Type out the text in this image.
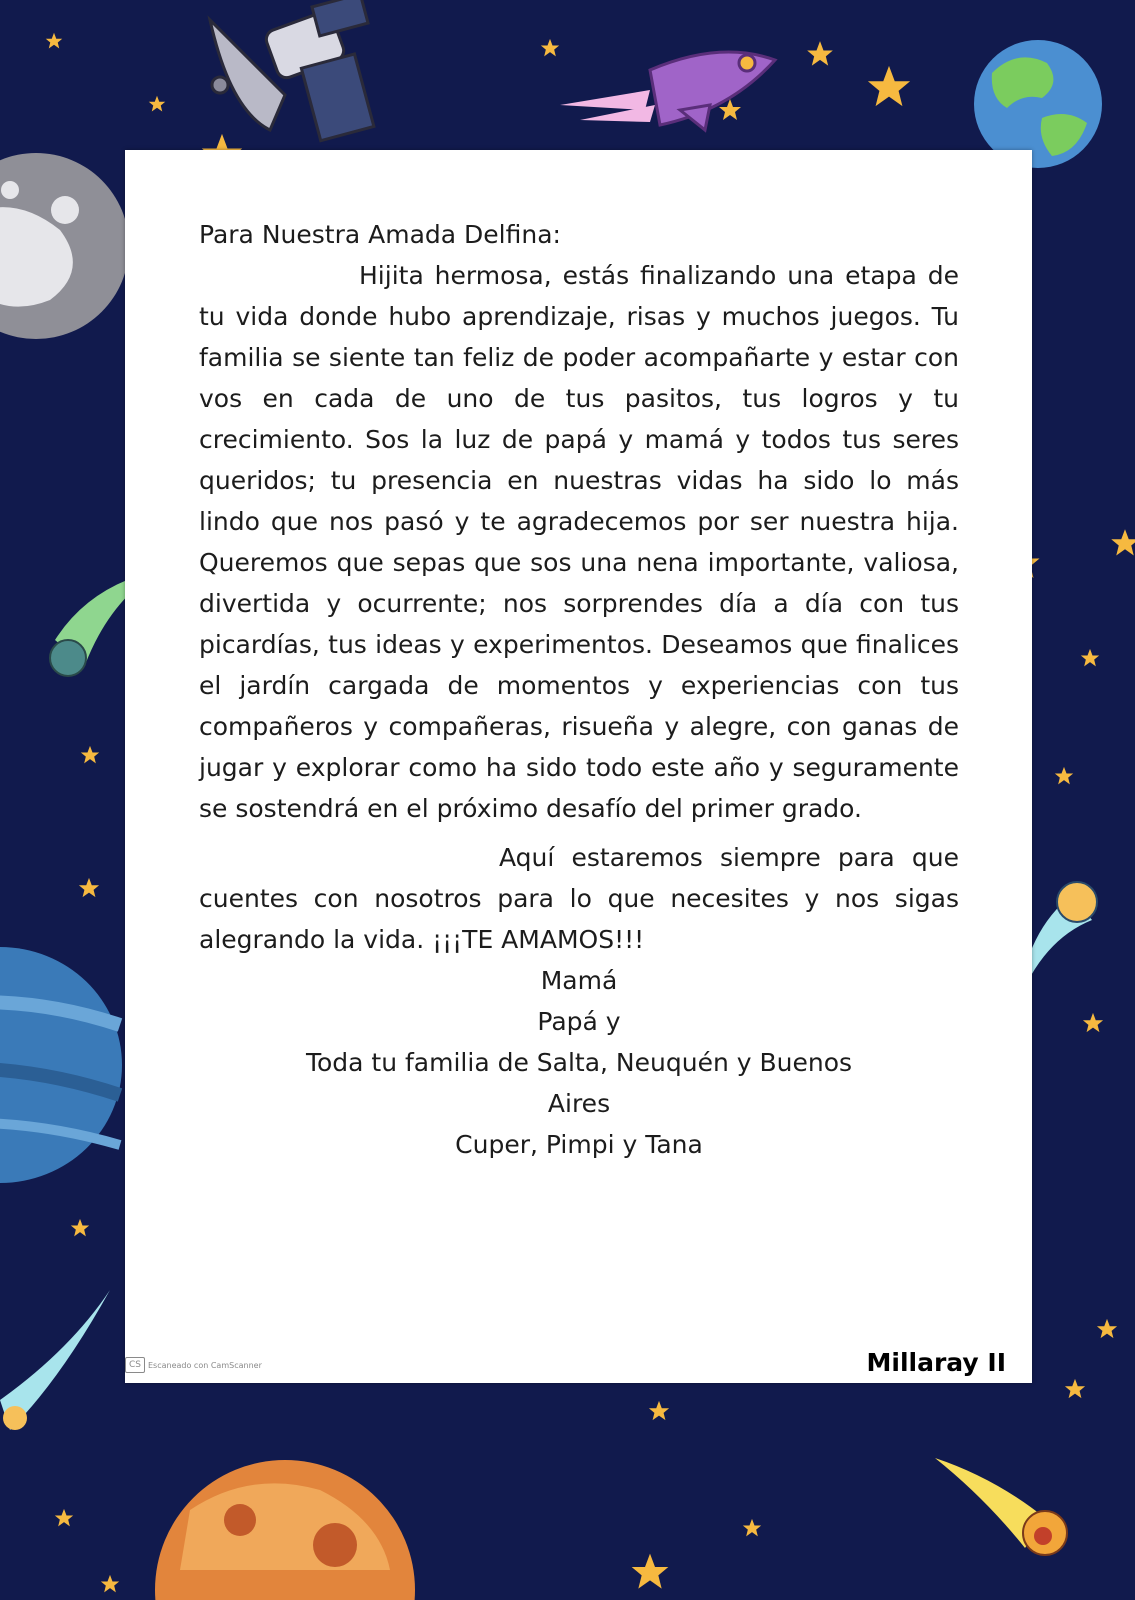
Para Nuestra Amada Delfina:

Hijita hermosa, estás finalizando una etapa de tu vida donde hubo aprendizaje, risas y muchos juegos. Tu familia se siente tan feliz de poder acompañarte y estar con vos en cada de uno de tus pasitos, tus logros y tu crecimiento. Sos la luz de papá y mamá y todos tus seres queridos; tu presencia en nuestras vidas ha sido lo más lindo que nos pasó y te agradecemos por ser nuestra hija. Queremos que sepas que sos una nena importante, valiosa, divertida y ocurrente; nos sorprendes día a día con tus picardías, tus ideas y experimentos. Deseamos que finalices el jardín cargada de momentos y experiencias con tus compañeros y compañeras, risueña y alegre, con ganas de jugar y explorar como ha sido todo este año y seguramente se sostendrá en el próximo desafío del primer grado.

Aquí estaremos siempre para que cuentes con nosotros para lo que necesites y nos sigas alegrando la vida. ¡¡¡TE AMAMOS!!!

Mamá
Papá y
Toda tu familia de Salta, Neuquén y Buenos
Aires
Cuper, Pimpi y Tana
CS Escaneado con CamScanner	Millaray II
